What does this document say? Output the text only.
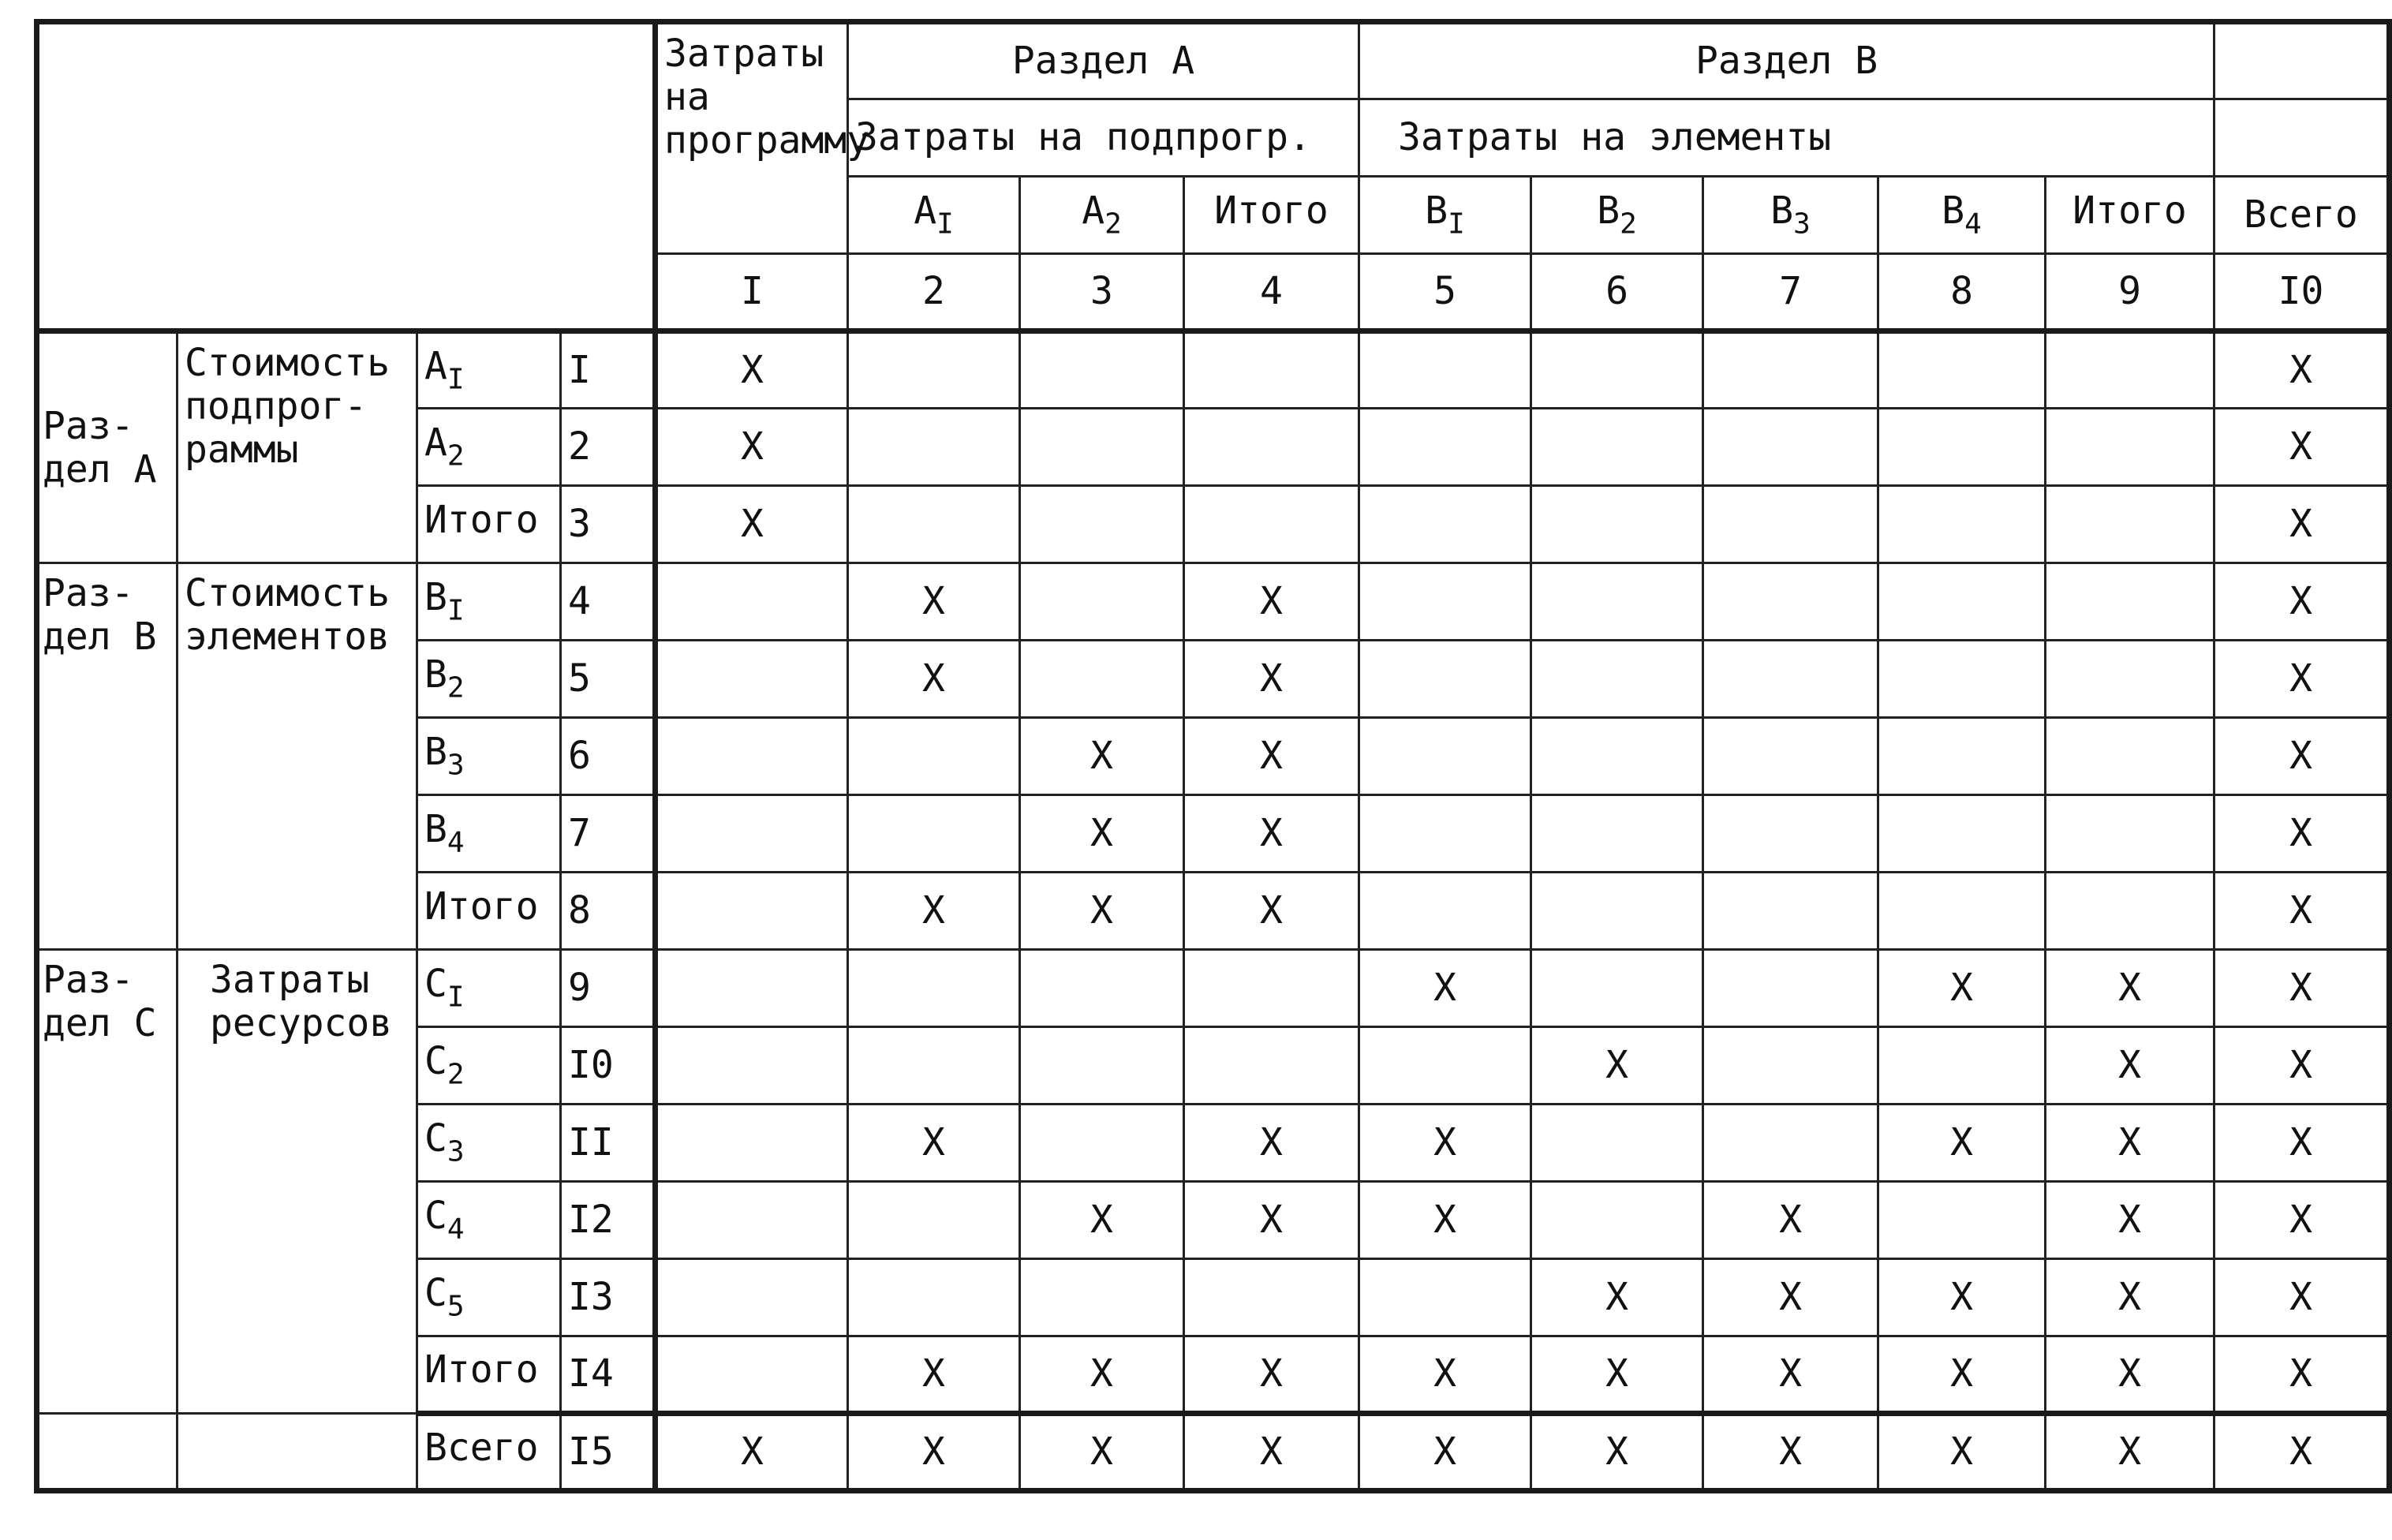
				Затраты на программу	Раздел A			Раздел B					
					Затраты на подпрогр.			Затраты на элементы					
					$A_I$	$A_2$	Итого	$B_I$	$B_2$	$B_3$	$B_4$	Итого	Всего
				I	2	3	4	5	6	7	8	9	I0

Раз-
дел A	Стоимость
подпрог-
раммы	$A_I$	I	X									X
		$A_2$	2	X									X
		Итого	3	X									X

Раз-
дел B	Стоимость
элементов	$B_I$	4		X		X						X
		$B_2$	5		X		X						X
		$B_3$	6			X	X						X
		$B_4$	7			X	X						X
		Итого	8		X	X	X						X

Раз-
дел C	Затраты
ресурсов	$C_I$	9					X			X	X	X
		$C_2$	I0						X			X	X
		$C_3$	II		X		X	X			X	X	X
		$C_4$	I2			X	X	X		X		X	X
		$C_5$	I3						X	X	X	X	X
		Итого	I4		X	X	X	X	X	X	X	X	X
		Всего	I5	X	X	X	X	X	X	X	X	X	X
